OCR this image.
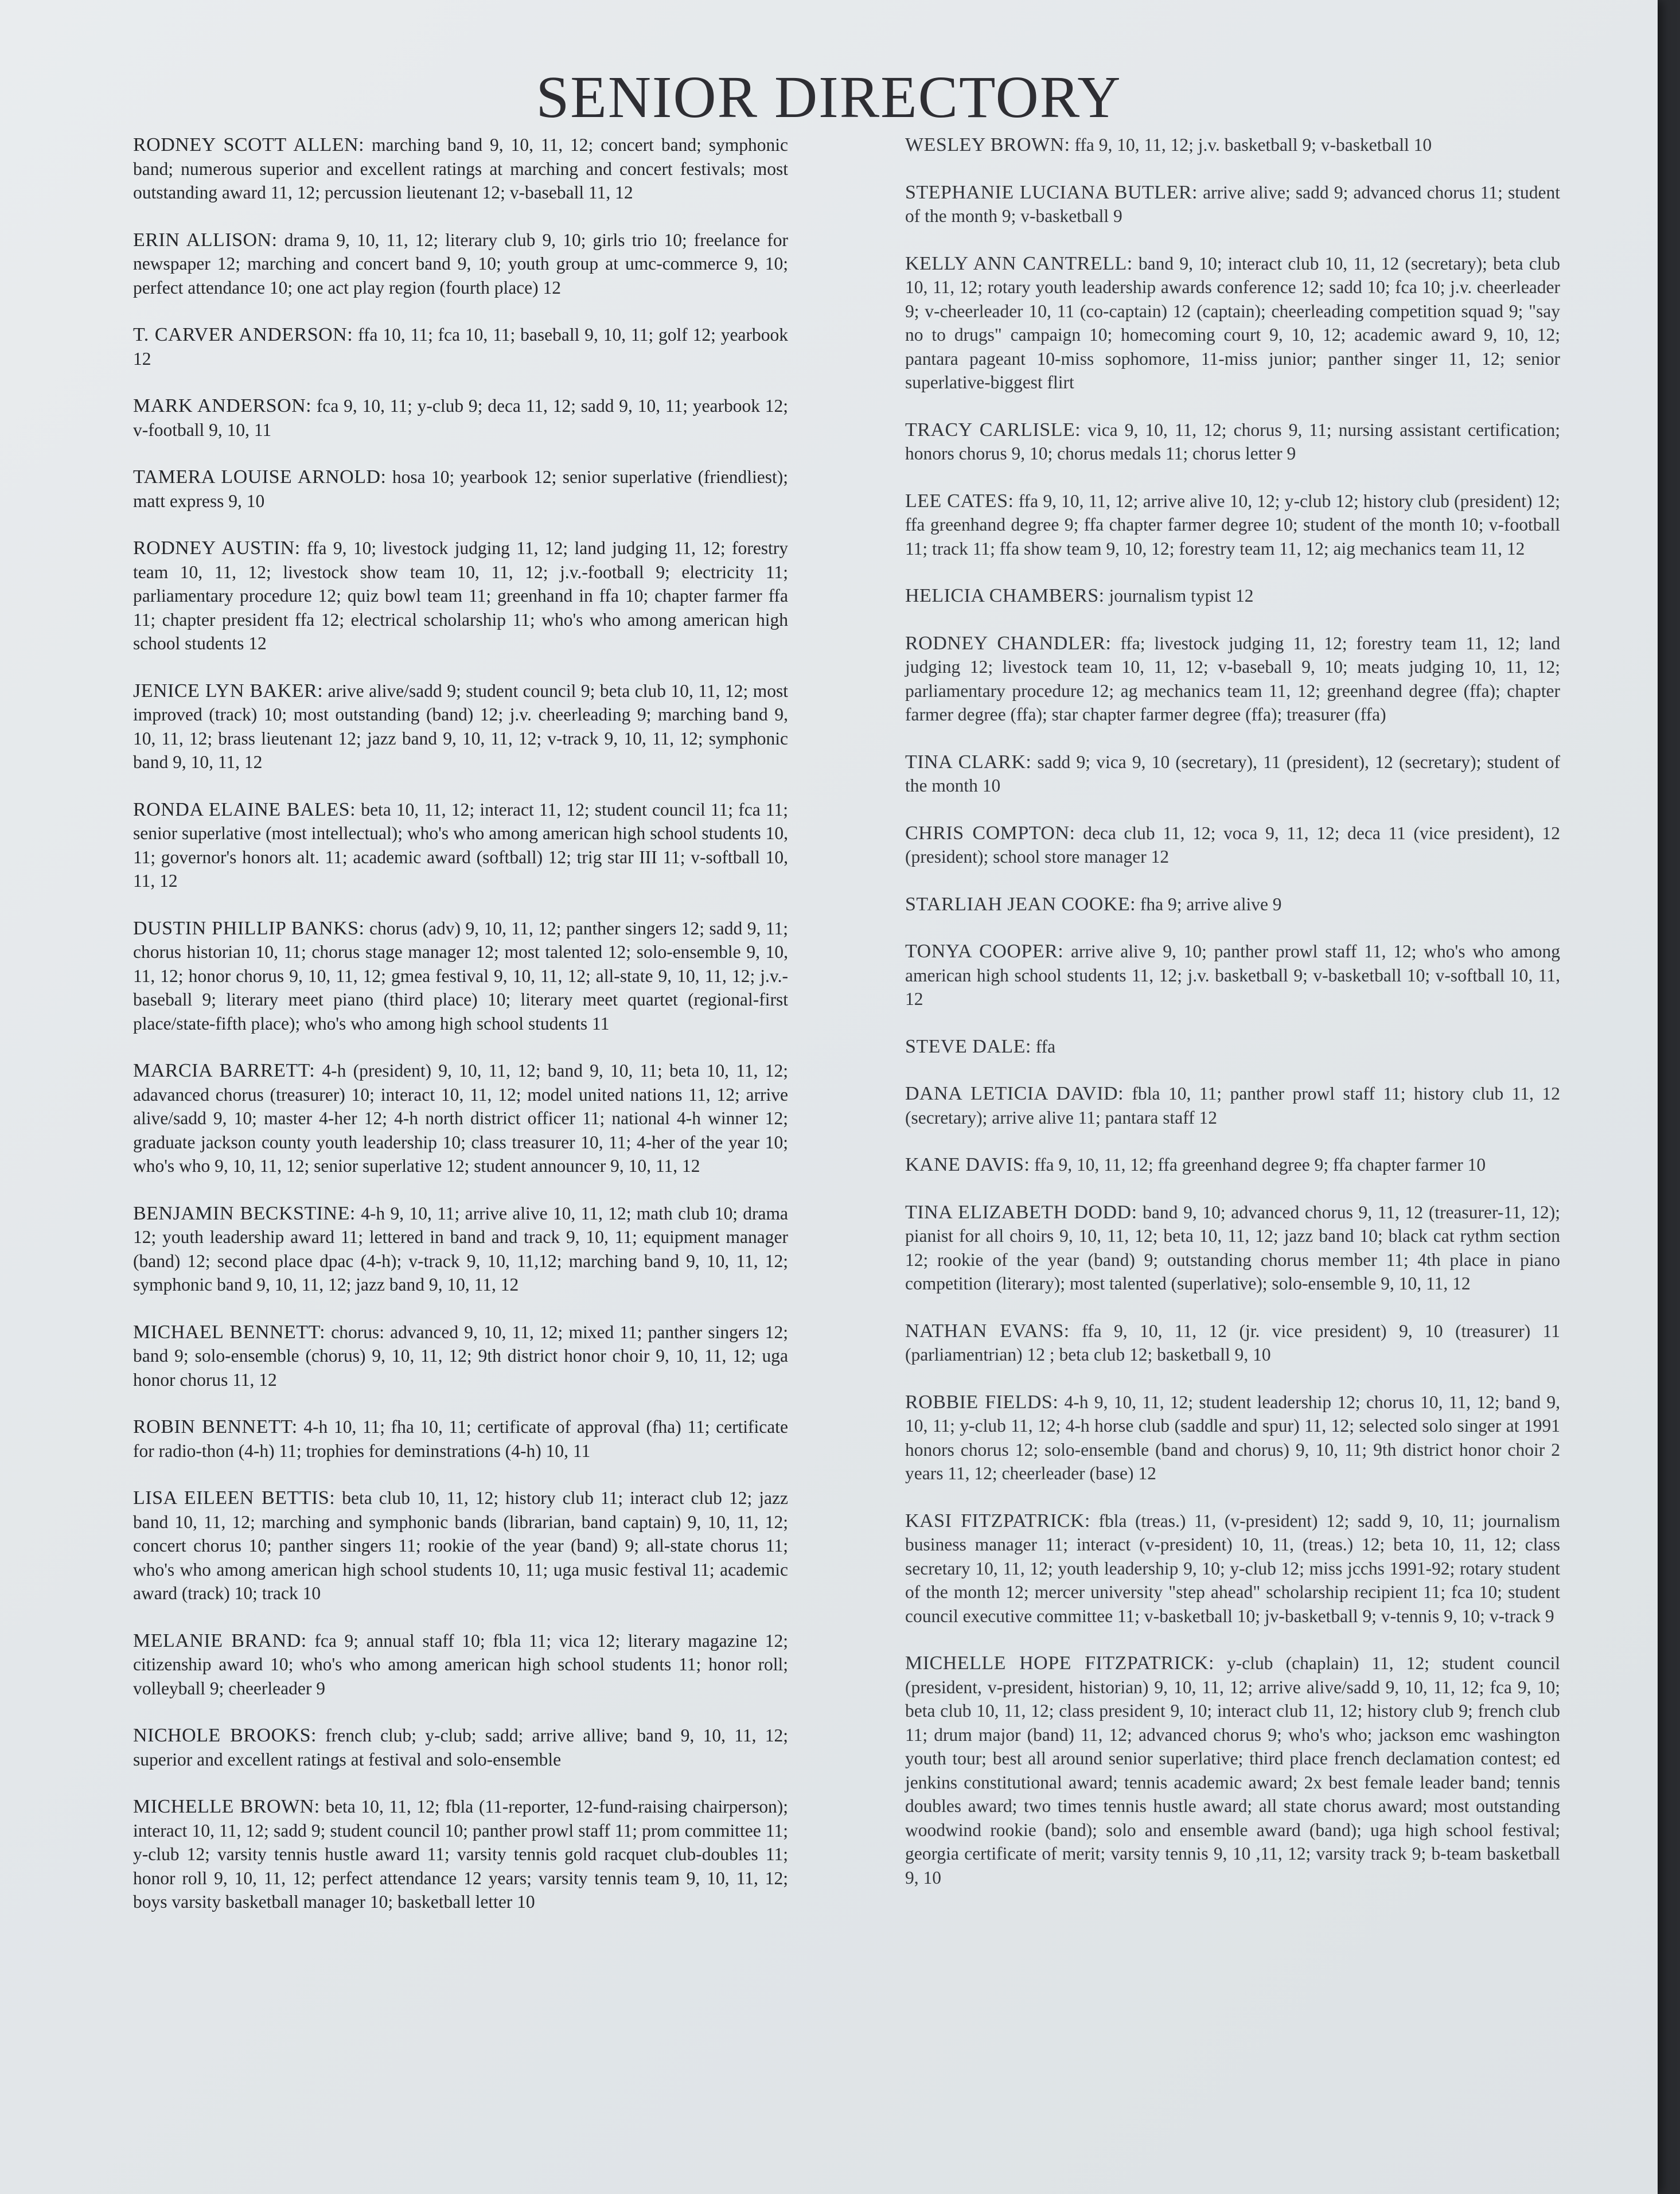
SENIOR DIRECTORY

RODNEY SCOTT ALLEN: marching band 9, 10, 11, 12; concert band; symphonic band; numerous superior and excellent ratings at marching and concert festivals; most outstanding award 11, 12; percussion lieutenant 12; v-baseball 11, 12

ERIN ALLISON: drama 9, 10, 11, 12; literary club 9, 10; girls trio 10; freelance for newspaper 12; marching and concert band 9, 10; youth group at umc-commerce 9, 10; perfect attendance 10; one act play region (fourth place) 12

T. CARVER ANDERSON: ffa 10, 11; fca 10, 11; baseball 9, 10, 11; golf 12; yearbook 12

MARK ANDERSON: fca 9, 10, 11; y-club 9; deca 11, 12; sadd 9, 10, 11; yearbook 12; v-football 9, 10, 11

TAMERA LOUISE ARNOLD: hosa 10; yearbook 12; senior superlative (friendliest); matt express 9, 10

RODNEY AUSTIN: ffa 9, 10; livestock judging 11, 12; land judging 11, 12; forestry team 10, 11, 12; livestock show team 10, 11, 12; j.v.-football 9; electricity 11; parliamentary procedure 12; quiz bowl team 11; greenhand in ffa 10; chapter farmer ffa 11; chapter president ffa 12; electrical scholarship 11; who's who among american high school students 12

JENICE LYN BAKER: arive alive/sadd 9; student council 9; beta club 10, 11, 12; most improved (track) 10; most outstanding (band) 12; j.v. cheerleading 9; marching band 9, 10, 11, 12; brass lieutenant 12; jazz band 9, 10, 11, 12; v-track 9, 10, 11, 12; symphonic band 9, 10, 11, 12

RONDA ELAINE BALES: beta 10, 11, 12; interact 11, 12; student council 11; fca 11; senior superlative (most intellectual); who's who among american high school students 10, 11; governor's honors alt. 11; academic award (softball) 12; trig star III 11; v-softball 10, 11, 12

DUSTIN PHILLIP BANKS: chorus (adv) 9, 10, 11, 12; panther singers 12; sadd 9, 11; chorus historian 10, 11; chorus stage manager 12; most talented 12; solo-ensemble 9, 10, 11, 12; honor chorus 9, 10, 11, 12; gmea festival 9, 10, 11, 12; all-state 9, 10, 11, 12; j.v.-baseball 9; literary meet piano (third place) 10; literary meet quartet (regional-first place/state-fifth place); who's who among high school students 11

MARCIA BARRETT: 4-h (president) 9, 10, 11, 12; band 9, 10, 11; beta 10, 11, 12; adavanced chorus (treasurer) 10; interact 10, 11, 12; model united nations 11, 12; arrive alive/sadd 9, 10; master 4-her 12; 4-h north district officer 11; national 4-h winner 12; graduate jackson county youth leadership 10; class treasurer 10, 11; 4-her of the year 10; who's who 9, 10, 11, 12; senior superlative 12; student announcer 9, 10, 11, 12

BENJAMIN BECKSTINE: 4-h 9, 10, 11; arrive alive 10, 11, 12; math club 10; drama 12; youth leadership award 11; lettered in band and track 9, 10, 11; equipment manager (band) 12; second place dpac (4-h); v-track 9, 10, 11,12; marching band 9, 10, 11, 12; symphonic band 9, 10, 11, 12; jazz band 9, 10, 11, 12

MICHAEL BENNETT: chorus: advanced 9, 10, 11, 12; mixed 11; panther singers 12; band 9; solo-ensemble (chorus) 9, 10, 11, 12; 9th district honor choir 9, 10, 11, 12; uga honor chorus 11, 12

ROBIN BENNETT: 4-h 10, 11; fha 10, 11; certificate of approval (fha) 11; certificate for radio-thon (4-h) 11; trophies for deminstrations (4-h) 10, 11

LISA EILEEN BETTIS: beta club 10, 11, 12; history club 11; interact club 12; jazz band 10, 11, 12; marching and symphonic bands (librarian, band captain) 9, 10, 11, 12; concert chorus 10; panther singers 11; rookie of the year (band) 9; all-state chorus 11; who's who among american high school students 10, 11; uga music festival 11; academic award (track) 10; track 10

MELANIE BRAND: fca 9; annual staff 10; fbla 11; vica 12; literary magazine 12; citizenship award 10; who's who among american high school students 11; honor roll; volleyball 9; cheerleader 9

NICHOLE BROOKS: french club; y-club; sadd; arrive allive; band 9, 10, 11, 12; superior and excellent ratings at festival and solo-ensemble

MICHELLE BROWN: beta 10, 11, 12; fbla (11-reporter, 12-fund-raising chairperson); interact 10, 11, 12; sadd 9; student council 10; panther prowl staff 11; prom committee 11; y-club 12; varsity tennis hustle award 11; varsity tennis gold racquet club-doubles 11; honor roll 9, 10, 11, 12; perfect attendance 12 years; varsity tennis team 9, 10, 11, 12; boys varsity basketball manager 10; basketball letter 10

WESLEY BROWN: ffa 9, 10, 11, 12; j.v. basketball 9; v-basketball 10

STEPHANIE LUCIANA BUTLER: arrive alive; sadd 9; advanced chorus 11; student of the month 9; v-basketball 9

KELLY ANN CANTRELL: band 9, 10; interact club 10, 11, 12 (secretary); beta club 10, 11, 12; rotary youth leadership awards conference 12; sadd 10; fca 10; j.v. cheerleader 9; v-cheerleader 10, 11 (co-captain) 12 (captain); cheerleading competition squad 9; "say no to drugs" campaign 10; homecoming court 9, 10, 12; academic award 9, 10, 12; pantara pageant 10-miss sophomore, 11-miss junior; panther singer 11, 12; senior superlative-biggest flirt

TRACY CARLISLE: vica 9, 10, 11, 12; chorus 9, 11; nursing assistant certification; honors chorus 9, 10; chorus medals 11; chorus letter 9

LEE CATES: ffa 9, 10, 11, 12; arrive alive 10, 12; y-club 12; history club (president) 12; ffa greenhand degree 9; ffa chapter farmer degree 10; student of the month 10; v-football 11; track 11; ffa show team 9, 10, 12; forestry team 11, 12; aig mechanics team 11, 12

HELICIA CHAMBERS: journalism typist 12

RODNEY CHANDLER: ffa; livestock judging 11, 12; forestry team 11, 12; land judging 12; livestock team 10, 11, 12; v-baseball 9, 10; meats judging 10, 11, 12; parliamentary procedure 12; ag mechanics team 11, 12; greenhand degree (ffa); chapter farmer degree (ffa); star chapter farmer degree (ffa); treasurer (ffa)

TINA CLARK: sadd 9; vica 9, 10 (secretary), 11 (president), 12 (secretary); student of the month 10

CHRIS COMPTON: deca club 11, 12; voca 9, 11, 12; deca 11 (vice president), 12 (president); school store manager 12

STARLIAH JEAN COOKE: fha 9; arrive alive 9

TONYA COOPER: arrive alive 9, 10; panther prowl staff 11, 12; who's who among american high school students 11, 12; j.v. basketball 9; v-basketball 10; v-softball 10, 11, 12

STEVE DALE: ffa

DANA LETICIA DAVID: fbla 10, 11; panther prowl staff 11; history club 11, 12 (secretary); arrive alive 11; pantara staff 12

KANE DAVIS: ffa 9, 10, 11, 12; ffa greenhand degree 9; ffa chapter farmer 10

TINA ELIZABETH DODD: band 9, 10; advanced chorus 9, 11, 12 (treasurer-11, 12); pianist for all choirs 9, 10, 11, 12; beta 10, 11, 12; jazz band 10; black cat rythm section 12; rookie of the year (band) 9; outstanding chorus member 11; 4th place in piano competition (literary); most talented (superlative); solo-ensemble 9, 10, 11, 12

NATHAN EVANS: ffa 9, 10, 11, 12 (jr. vice president) 9, 10 (treasurer) 11 (parliamentrian) 12 ; beta club 12; basketball 9, 10

ROBBIE FIELDS: 4-h 9, 10, 11, 12; student leadership 12; chorus 10, 11, 12; band 9, 10, 11; y-club 11, 12; 4-h horse club (saddle and spur) 11, 12; selected solo singer at 1991 honors chorus 12; solo-ensemble (band and chorus) 9, 10, 11; 9th district honor choir 2 years 11, 12; cheerleader (base) 12

KASI FITZPATRICK: fbla (treas.) 11, (v-president) 12; sadd 9, 10, 11; journalism business manager 11; interact (v-president) 10, 11, (treas.) 12; beta 10, 11, 12; class secretary 10, 11, 12; youth leadership 9, 10; y-club 12; miss jcchs 1991-92; rotary student of the month 12; mercer university "step ahead" scholarship recipient 11; fca 10; student council executive committee 11; v-basketball 10; jv-basketball 9; v-tennis 9, 10; v-track 9

MICHELLE HOPE FITZPATRICK: y-club (chaplain) 11, 12; student council (president, v-president, historian) 9, 10, 11, 12; arrive alive/sadd 9, 10, 11, 12; fca 9, 10; beta club 10, 11, 12; class president 9, 10; interact club 11, 12; history club 9; french club 11; drum major (band) 11, 12; advanced chorus 9; who's who; jackson emc washington youth tour; best all around senior superlative; third place french declamation contest; ed jenkins constitutional award; tennis academic award; 2x best female leader band; tennis doubles award; two times tennis hustle award; all state chorus award; most outstanding woodwind rookie (band); solo and ensemble award (band); uga high school festival; georgia certificate of merit; varsity tennis 9, 10 ,11, 12; varsity track 9; b-team basketball 9, 10
